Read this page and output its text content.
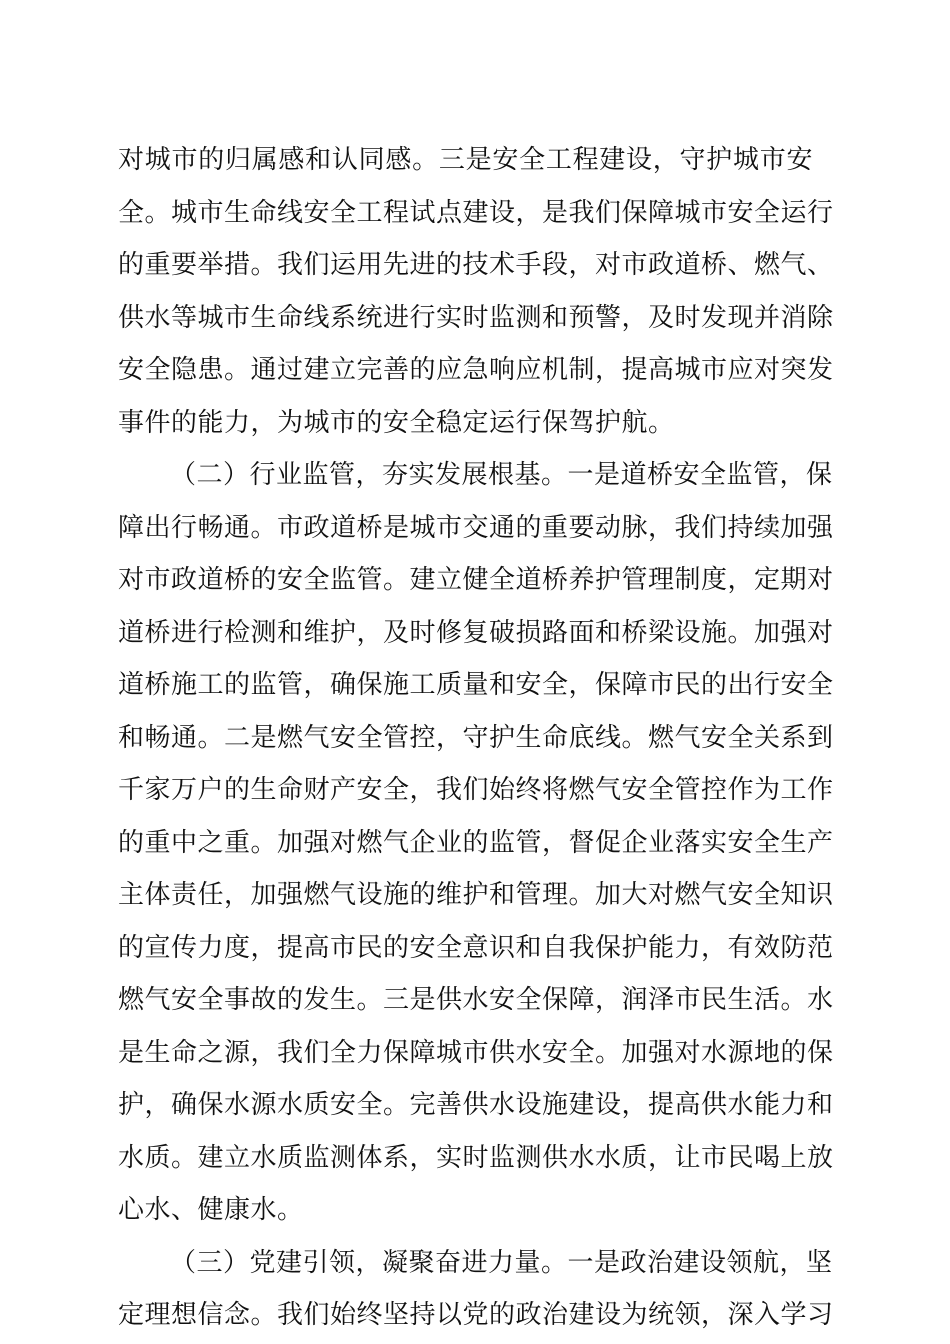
对城市的归属感和认同感。三是安全工程建设，守护城市安
全。城市生命线安全工程试点建设，是我们保障城市安全运行
的重要举措。我们运用先进的技术手段，对市政道桥、燃气、
供水等城市生命线系统进行实时监测和预警，及时发现并消除
安全隐患。通过建立完善的应急响应机制，提高城市应对突发
事件的能力，为城市的安全稳定运行保驾护航。
（二）行业监管，夯实发展根基。一是道桥安全监管，保
障出行畅通。市政道桥是城市交通的重要动脉，我们持续加强
对市政道桥的安全监管。建立健全道桥养护管理制度，定期对
道桥进行检测和维护，及时修复破损路面和桥梁设施。加强对
道桥施工的监管，确保施工质量和安全，保障市民的出行安全
和畅通。二是燃气安全管控，守护生命底线。燃气安全关系到
千家万户的生命财产安全，我们始终将燃气安全管控作为工作
的重中之重。加强对燃气企业的监管，督促企业落实安全生产
主体责任，加强燃气设施的维护和管理。加大对燃气安全知识
的宣传力度，提高市民的安全意识和自我保护能力，有效防范
燃气安全事故的发生。三是供水安全保障，润泽市民生活。水
是生命之源，我们全力保障城市供水安全。加强对水源地的保
护，确保水源水质安全。完善供水设施建设，提高供水能力和
水质。建立水质监测体系，实时监测供水水质，让市民喝上放
心水、健康水。
（三）党建引领，凝聚奋进力量。一是政治建设领航，坚
定理想信念。我们始终坚持以党的政治建设为统领，深入学习
